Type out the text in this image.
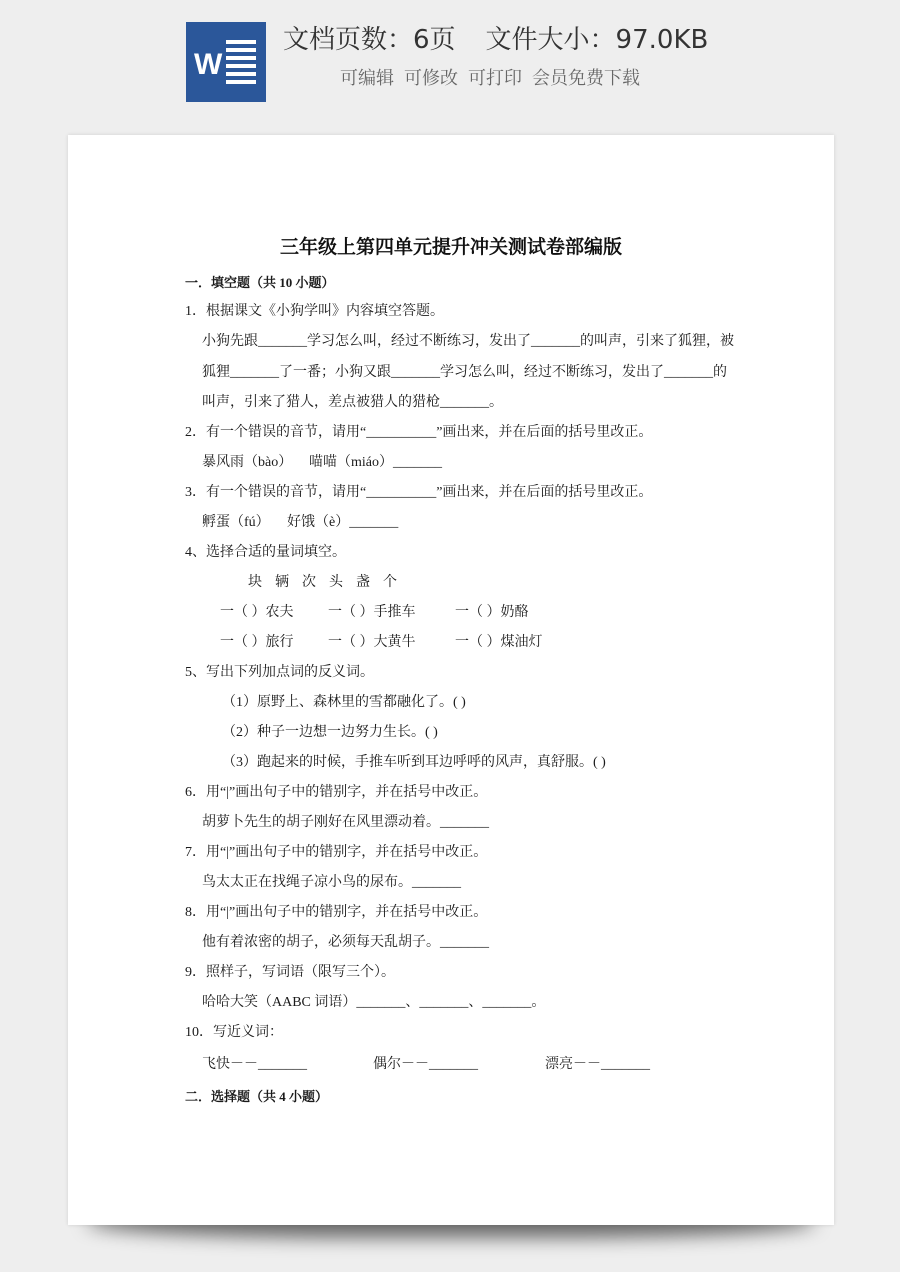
W
文档页数：6页 文件大小：97.0KB
可编辑 可修改 可打印 会员免费下载
三年级上第四单元提升冲关测试卷部编版
一．填空题（共 10 小题）
1．根据课文《小狗学叫》内容填空答题。
小狗先跟_______学习怎么叫，经过不断练习，发出了_______的叫声，引来了狐狸，被
狐狸_______了一番；小狗又跟_______学习怎么叫，经过不断练习，发出了_______的
叫声，引来了猎人，差点被猎人的猎枪_______。
2．有一个错误的音节，请用“__________”画出来，并在后面的括号里改正。
暴风雨（bào） 喵喵（miáo）_______
3．有一个错误的音节，请用“__________”画出来，并在后面的括号里改正。
孵蛋（fú） 好饿（è）_______
4、选择合适的量词填空。
块 辆 次 头 盏 个
一（ ）农夫 一（ ）手推车	一（ ）奶酪
一（ ）旅行 一（ ）大黄牛	一（ ）煤油灯
5、写出下列加点词的反义词。
（1）原野上、森林里的雪都融化了。( )
（2）种子一边想一边努力生长。( )
（3）跑起来的时候，手推车听到耳边呼呼的风声，真舒服。( )
6．用“|”画出句子中的错别字，并在括号中改正。
胡萝卜先生的胡子刚好在风里漂动着。_______
7．用“|”画出句子中的错别字，并在括号中改正。
鸟太太正在找绳子凉小鸟的尿布。_______
8．用“|”画出句子中的错别字，并在括号中改正。
他有着浓密的胡子，必须每天乱胡子。_______
9．照样子，写词语（限写三个）。
哈哈大笑（AABC 词语）_______、_______、_______。
10．写近义词：
飞快－－_______	偶尔－－_______	漂亮－－_______
二．选择题（共 4 小题）
